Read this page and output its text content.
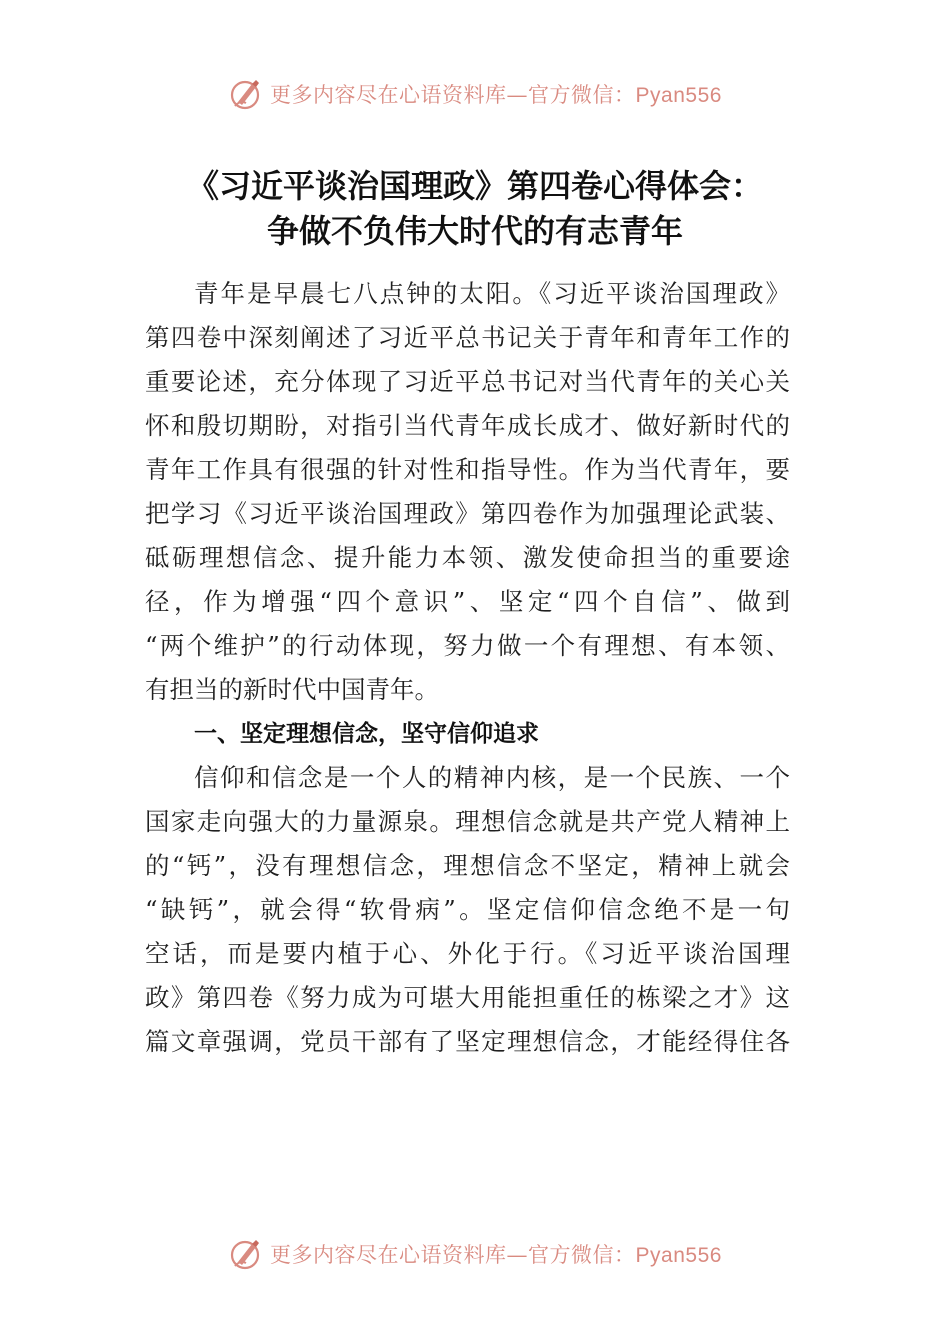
更多内容尽在心语资料库—官方微信：Pyan556
《习近平谈治国理政》第四卷心得体会：
争做不负伟大时代的有志青年
青年是早晨七八点钟的太阳。《习近平谈治国理政》
第四卷中深刻阐述了习近平总书记关于青年和青年工作的
重要论述，充分体现了习近平总书记对当代青年的关心关
怀和殷切期盼，对指引当代青年成长成才、做好新时代的
青年工作具有很强的针对性和指导性。作为当代青年，要
把学习《习近平谈治国理政》第四卷作为加强理论武装、
砥砺理想信念、提升能力本领、激发使命担当的重要途
径，作为增强“四个意识”、坚定“四个自信”、做到
“两个维护”的行动体现，努力做一个有理想、有本领、
有担当的新时代中国青年。
一、坚定理想信念，坚守信仰追求
信仰和信念是一个人的精神内核，是一个民族、一个
国家走向强大的力量源泉。理想信念就是共产党人精神上
的“钙”，没有理想信念，理想信念不坚定，精神上就会
“缺钙”，就会得“软骨病”。坚定信仰信念绝不是一句
空话，而是要内植于心、外化于行。《习近平谈治国理
政》第四卷《努力成为可堪大用能担重任的栋梁之才》这
篇文章强调，党员干部有了坚定理想信念，才能经得住各
更多内容尽在心语资料库—官方微信：Pyan556
